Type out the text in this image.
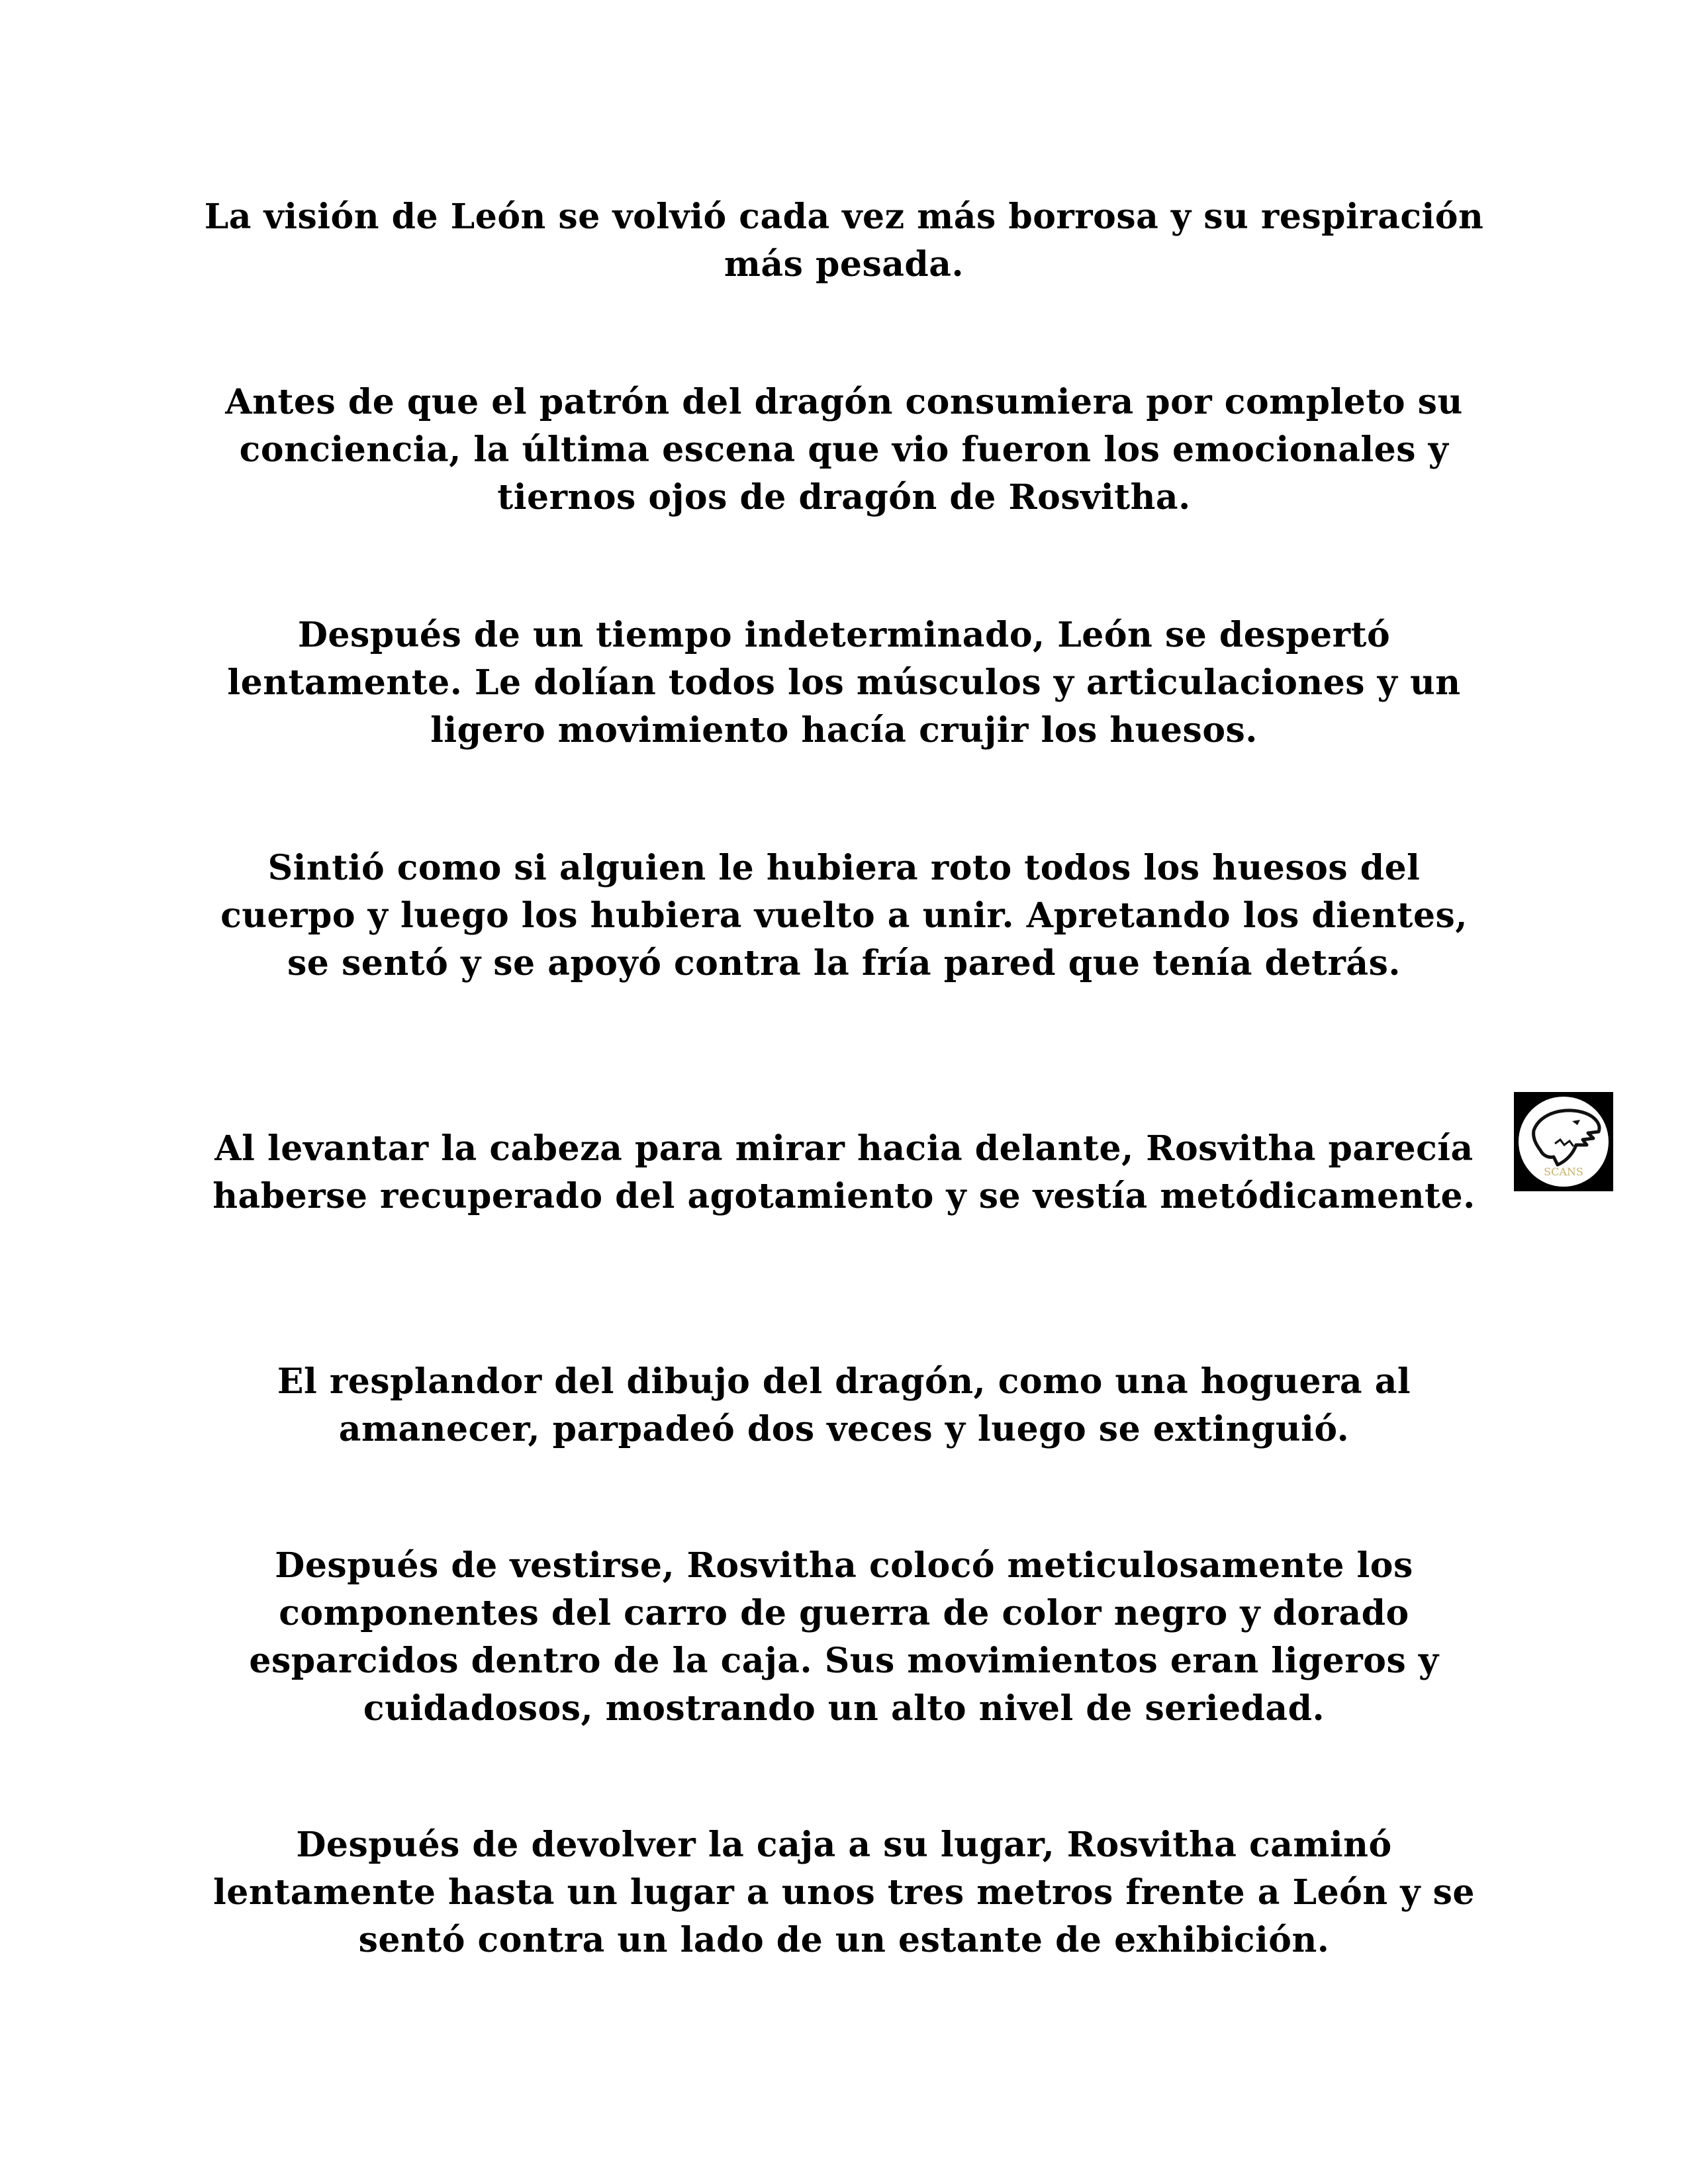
La visión de León se volvió cada vez más borrosa y su respiración más pesada.

Antes de que el patrón del dragón consumiera por completo su conciencia, la última escena que vio fueron los emocionales y tiernos ojos de dragón de Rosvitha.

Después de un tiempo indeterminado, León se despertó lentamente. Le dolían todos los músculos y articulaciones y un ligero movimiento hacía crujir los huesos.

Sintió como si alguien le hubiera roto todos los huesos del cuerpo y luego los hubiera vuelto a unir. Apretando los dientes, se sentó y se apoyó contra la fría pared que tenía detrás.

Al levantar la cabeza para mirar hacia delante, Rosvitha parecía haberse recuperado del agotamiento y se vestía metódicamente.

El resplandor del dibujo del dragón, como una hoguera al amanecer, parpadeó dos veces y luego se extinguió.

Después de vestirse, Rosvitha colocó meticulosamente los componentes del carro de guerra de color negro y dorado esparcidos dentro de la caja. Sus movimientos eran ligeros y cuidadosos, mostrando un alto nivel de seriedad.

Después de devolver la caja a su lugar, Rosvitha caminó lentamente hasta un lugar a unos tres metros frente a León y se sentó contra un lado de un estante de exhibición.

SCANS
